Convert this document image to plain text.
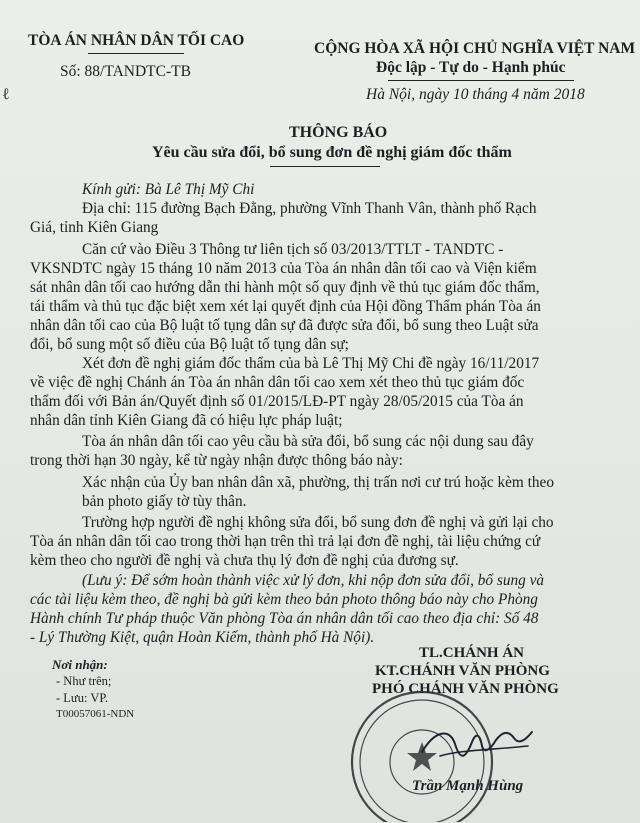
TÒA ÁN NHÂN DÂN TỐI CAO
Số: 88/TANDTC-TB
ℓ
CỘNG HÒA XÃ HỘI CHỦ NGHĨA VIỆT NAM
Độc lập - Tự do - Hạnh phúc
Hà Nội, ngày 10 tháng 4 năm 2018
THÔNG BÁO
Yêu cầu sửa đổi, bổ sung đơn đề nghị giám đốc thẩm
Kính gửi: Bà Lê Thị Mỹ Chi
Địa chỉ: 115 đường Bạch Đằng, phường Vĩnh Thanh Vân, thành phố Rạch
Giá, tỉnh Kiên Giang
Căn cứ vào Điều 3 Thông tư liên tịch số 03/2013/TTLT - TANDTC -
VKSNDTC ngày 15 tháng 10 năm 2013 của Tòa án nhân dân tối cao và Viện kiểm
sát nhân dân tối cao hướng dẫn thi hành một số quy định về thủ tục giám đốc thẩm,
tái thẩm và thủ tục đặc biệt xem xét lại quyết định của Hội đồng Thẩm phán Tòa án
nhân dân tối cao của Bộ luật tố tụng dân sự đã được sửa đổi, bổ sung theo Luật sửa
đổi, bổ sung một số điều của Bộ luật tố tụng dân sự;
Xét đơn đề nghị giám đốc thẩm của bà Lê Thị Mỹ Chi đề ngày 16/11/2017
về việc đề nghị Chánh án Tòa án nhân dân tối cao xem xét theo thủ tục giám đốc
thẩm đối với Bản án/Quyết định số 01/2015/LĐ-PT ngày 28/05/2015 của Tòa án
nhân dân tỉnh Kiên Giang đã có hiệu lực pháp luật;
Tòa án nhân dân tối cao yêu cầu bà sửa đổi, bổ sung các nội dung sau đây
trong thời hạn 30 ngày, kể từ ngày nhận được thông báo này:
Xác nhận của Ủy ban nhân dân xã, phường, thị trấn nơi cư trú hoặc kèm theo
bản photo giấy tờ tùy thân.
Trường hợp người đề nghị không sửa đổi, bổ sung đơn đề nghị và gửi lại cho
Tòa án nhân dân tối cao trong thời hạn trên thì trả lại đơn đề nghị, tài liệu chứng cứ
kèm theo cho người đề nghị và chưa thụ lý đơn đề nghị của đương sự.
(Lưu ý: Để sớm hoàn thành việc xử lý đơn, khi nộp đơn sửa đổi, bổ sung và
các tài liệu kèm theo, đề nghị bà gửi kèm theo bản photo thông báo này cho Phòng
Hành chính Tư pháp thuộc Văn phòng Tòa án nhân dân tối cao theo địa chỉ: Số 48
- Lý Thường Kiệt, quận Hoàn Kiếm, thành phố Hà Nội).
Nơi nhận:
- Như trên;
- Lưu: VP.
T00057061-NDN
TL.CHÁNH ÁN
KT.CHÁNH VĂN PHÒNG
PHÓ CHÁNH VĂN PHÒNG
Trần Mạnh Hùng
